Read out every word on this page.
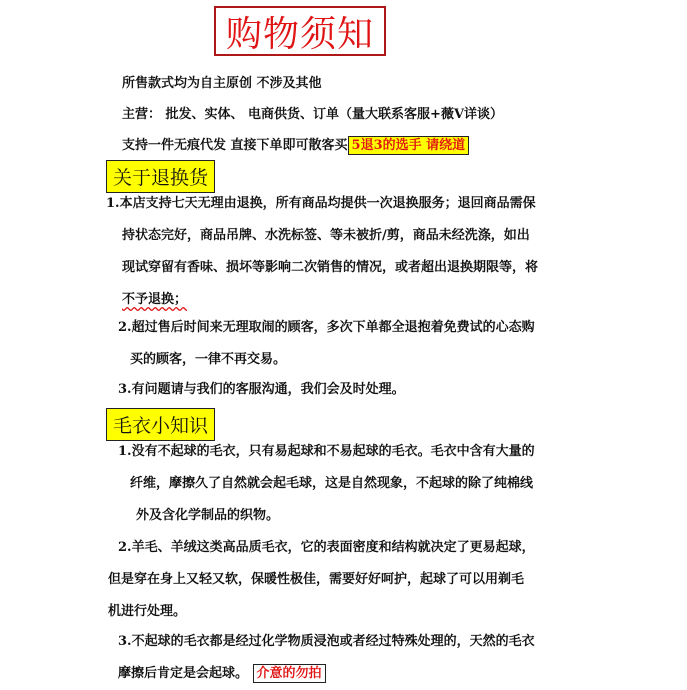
购物须知
所售款式均为自主原创 不涉及其他
主营： 批发、实体、 电商供货、订单（量大联系客服+薇Ⅴ详谈）
支持一件无痕代发 直接下单即可散客买 5退3的选手 请绕道
关于退换货
1.本店支持七天无理由退换，所有商品均提供一次退换服务；退回商品需保
持状态完好，商品吊牌、水洗标签、等未被折/剪，商品未经洗涤，如出
现试穿留有香味、损坏等影响二次销售的情况，或者超出退换期限等，将
不予退换；
2.超过售后时间来无理取闹的顾客，多次下单都全退抱着免费试的心态购
买的顾客，一律不再交易。
3.有问题请与我们的客服沟通，我们会及时处理。
毛衣小知识
1.没有不起球的毛衣，只有易起球和不易起球的毛衣。毛衣中含有大量的
纤维，摩擦久了自然就会起毛球，这是自然现象，不起球的除了纯棉线
外及含化学制品的织物。
2.羊毛、羊绒这类高品质毛衣，它的表面密度和结构就决定了更易起球，
但是穿在身上又轻又软，保暖性极佳，需要好好呵护，起球了可以用剃毛
机进行处理。
3.不起球的毛衣都是经过化学物质浸泡或者经过特殊处理的，天然的毛衣
摩擦后肯定是会起球。 介意的勿拍
